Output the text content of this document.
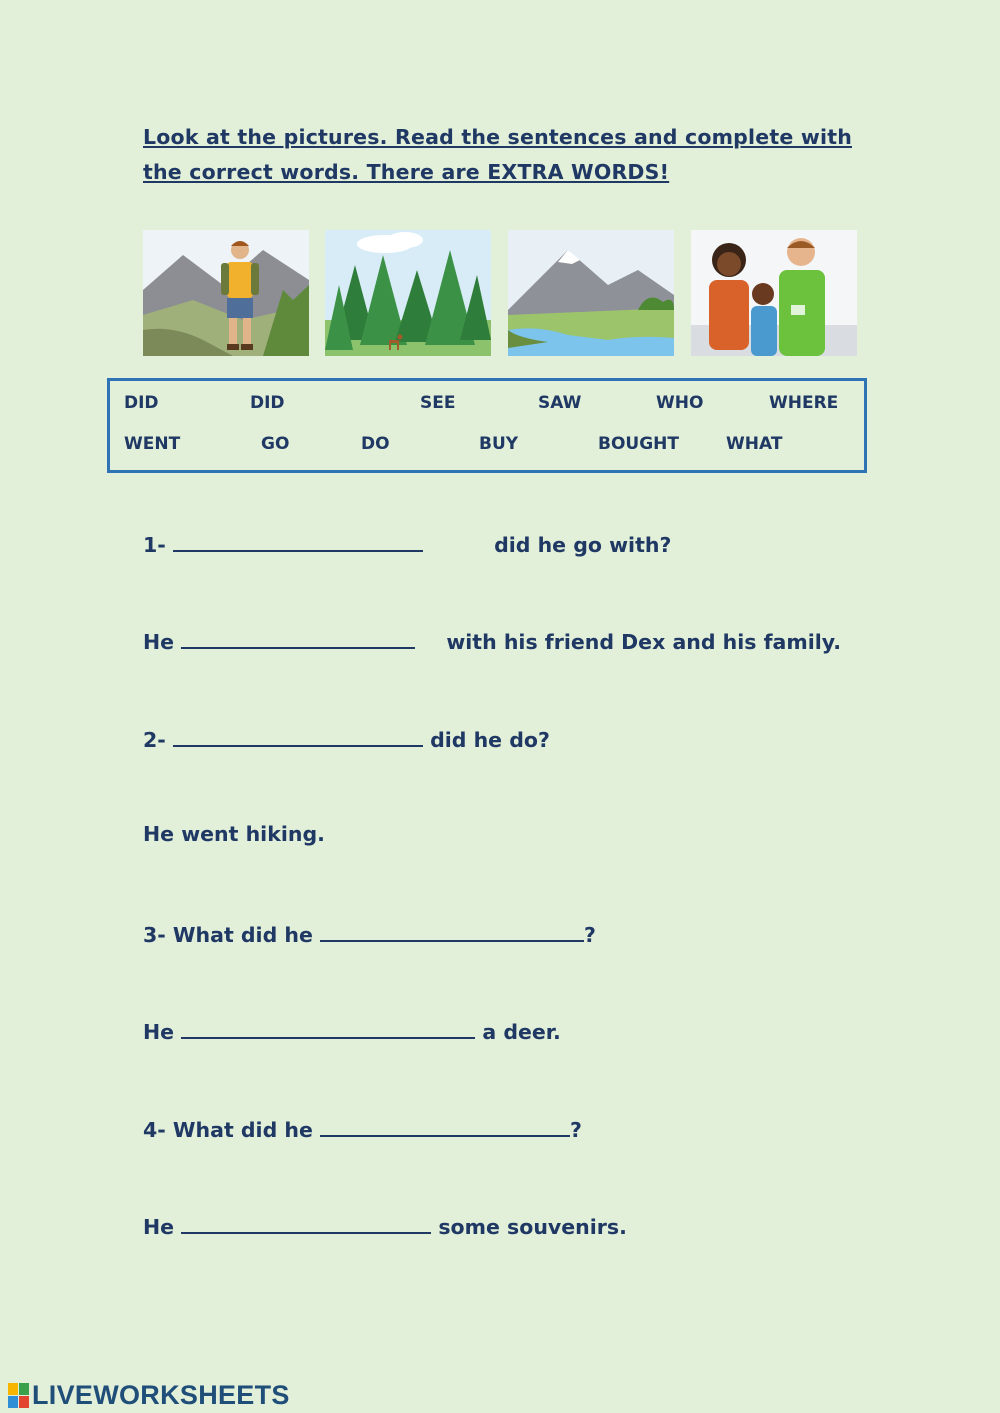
Look at the pictures. Read the sentences and complete with the correct words. There are EXTRA WORDS!

DID	DID	SEE	SAW	WHO	WHERE
WENT	GO	DO	BUY	BOUGHT	WHAT

1-	did he go with?

He	with his friend Dex and his family.

2-	did he do?

He went hiking.

3- What did he	?

He	a deer.

4- What did he	?

He	some souvenirs.

LIVEWORKSHEETS
